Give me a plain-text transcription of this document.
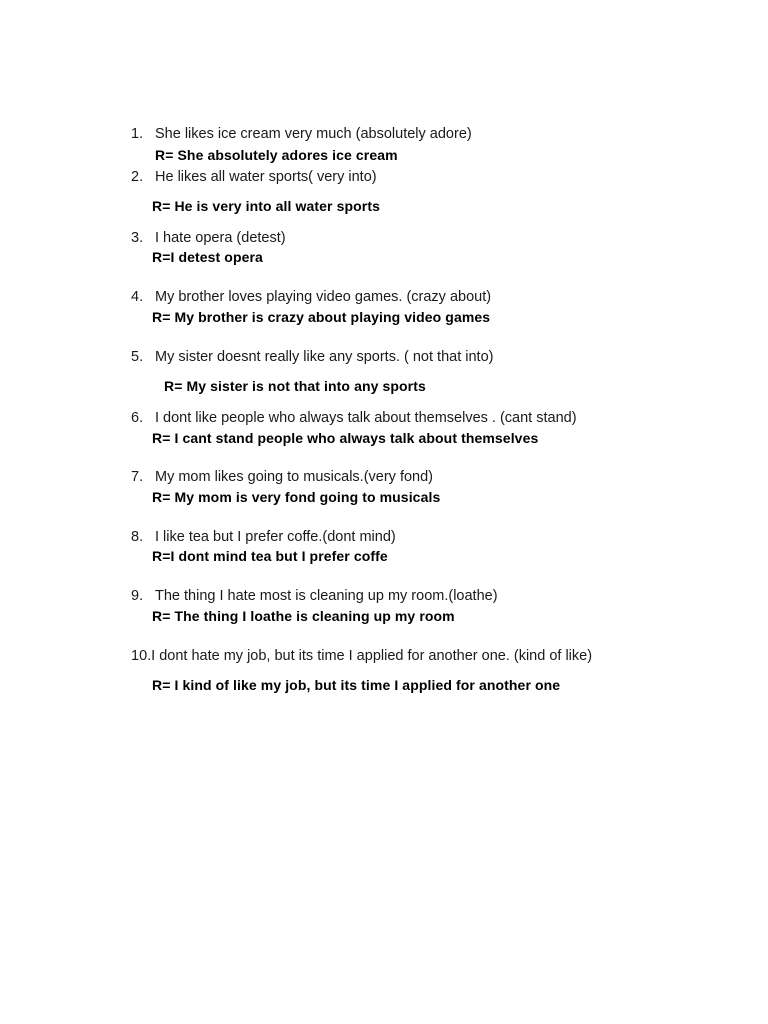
1. She likes ice cream very much (absolutely adore)
R= She absolutely adores ice cream
2. He likes all water sports( very into)
R= He is very into all water sports
3. I hate opera (detest)
R=I detest opera
4. My brother loves playing video games. (crazy about)
R= My brother is crazy about playing video games
5. My sister doesnt really like any sports. ( not that into)
R= My sister is not that into any sports
6. I dont like people who always talk about themselves . (cant stand)
R= I cant stand people who always talk about themselves
7. My mom likes going to musicals.(very fond)
R= My mom is very fond going to musicals
8. I like tea but I prefer coffe.(dont mind)
R=I dont mind tea but I prefer coffe
9. The thing I hate most is cleaning up my room.(loathe)
R= The thing I loathe is cleaning up my room
10.I dont hate my job, but its time I applied for another one. (kind of like)
R= I kind of like my job, but its time I applied for another one
